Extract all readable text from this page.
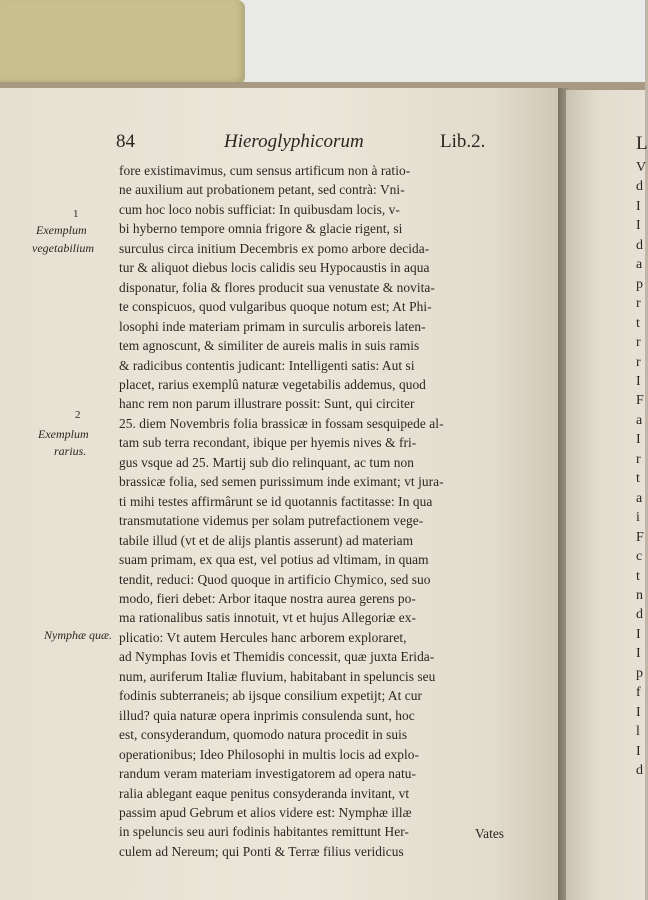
84	Hieroglyphicorum	Lib.2.
1
Exemplum
vegetabilium
2
Exemplum
rarius.
Nymphæ quæ.
fore existimavimus, cum sensus artificum non à ratio-
ne auxilium aut probationem petant, sed contrà: Vni-
cum hoc loco nobis sufficiat: In quibusdam locis, v-
bi hyberno tempore omnia frigore & glacie rigent, si
surculus circa initium Decembris ex pomo arbore decida-
tur & aliquot diebus locis calidis seu Hypocaustis in aqua
disponatur, folia & flores producit sua venustate & novita-
te conspicuos, quod vulgaribus quoque notum est; At Phi-
losophi inde materiam primam in surculis arboreis laten-
tem agnoscunt, & similiter de aureis malis in suis ramis
& radicibus contentis judicant: Intelligenti satis: Aut si
placet, rarius exemplû naturæ vegetabilis addemus, quod
hanc rem non parum illustrare possit: Sunt, qui circiter
25. diem Novembris folia brassicæ in fossam sesquipede al-
tam sub terra recondant, ibique per hyemis nives & fri-
gus vsque ad 25. Martij sub dio relinquant, ac tum non
brassicæ folia, sed semen purissimum inde eximant; vt jura-
ti mihi testes affirmârunt se id quotannis factitasse: In qua
transmutatione videmus per solam putrefactionem vege-
tabile illud (vt et de alijs plantis asserunt) ad materiam
suam primam, ex qua est, vel potius ad vltimam, in quam
tendit, reduci: Quod quoque in artificio Chymico, sed suo
modo, fieri debet: Arbor itaque nostra aurea gerens po-
ma rationalibus satis innotuit, vt et hujus Allegoriæ ex-
plicatio: Vt autem Hercules hanc arborem exploraret,
ad Nymphas Iovis et Themidis concessit, quæ juxta Erida-
num, auriferum Italiæ fluvium, habitabant in speluncis seu
fodinis subterraneis; ab ijsque consilium expetijt; At cur
illud? quia naturæ opera inprimis consulenda sunt, hoc
est, consyderandum, quomodo natura procedit in suis
operationibus; Ideo Philosophi in multis locis ad explo-
randum veram materiam investigatorem ad opera natu-
ralia ablegant eaque penitus consyderanda invitant, vt
passim apud Gebrum et alios videre est: Nymphæ illæ
in speluncis seu auri fodinis habitantes remittunt Her-
culem ad Nereum; qui Ponti & Terræ filius veridicus
Vates
L
V
d
I
I
d
a
p
r
t
r
r
I
F
a
I
r
t
a
i
F
c
t
n
d
I
I
p
f
I
l
I
d
